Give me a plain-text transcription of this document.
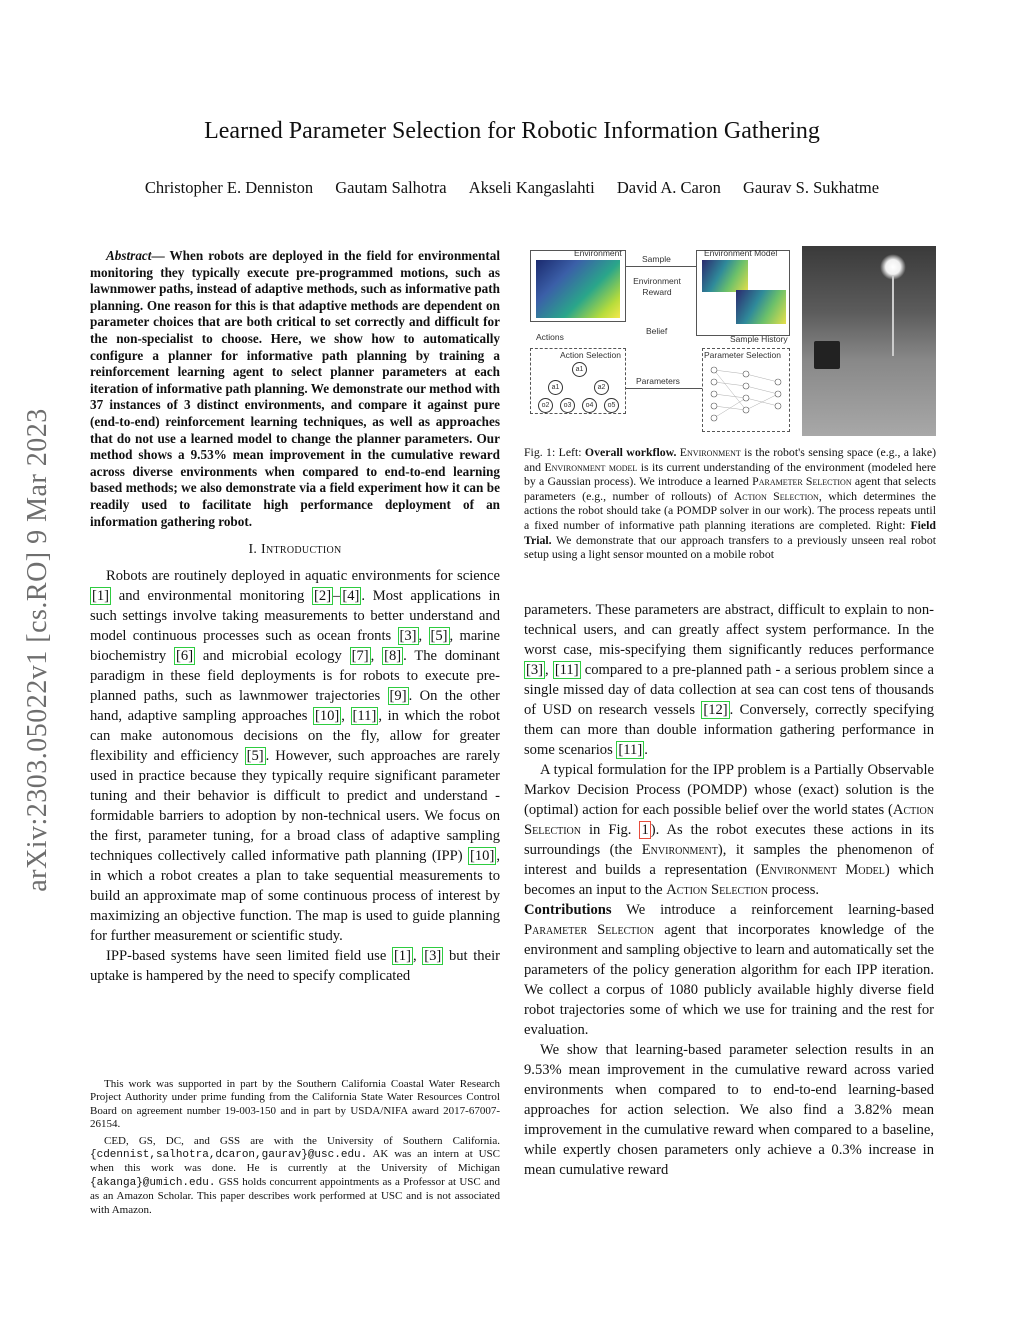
arXiv:2303.05022v1 [cs.RO] 9 Mar 2023
Learned Parameter Selection for Robotic Information Gathering
Christopher E. Denniston Gautam Salhotra Akseli Kangaslahti David A. Caron Gaurav S. Sukhatme

Abstract— When robots are deployed in the field for environmental monitoring they typically execute pre-programmed motions, such as lawnmower paths, instead of adaptive methods, such as informative path planning. One reason for this is that adaptive methods are dependent on parameter choices that are both critical to set correctly and difficult for the non-specialist to choose. Here, we show how to automatically configure a planner for informative path planning by training a reinforcement learning agent to select planner parameters at each iteration of informative path planning. We demonstrate our method with 37 instances of 3 distinct environments, and compare it against pure (end-to-end) reinforcement learning techniques, as well as approaches that do not use a learned model to change the planner parameters. Our method shows a 9.53% mean improvement in the cumulative reward across diverse environments when compared to end-to-end learning based methods; we also demonstrate via a field experiment how it can be readily used to facilitate high performance deployment of an information gathering robot.

I. Introduction

Robots are routinely deployed in aquatic environments for science [1] and environmental monitoring [2] – [4] . Most applications in such settings involve taking measurements to better understand and model continuous processes such as ocean fronts [3] , [5] , marine biochemistry [6] and microbial ecology [7] , [8] . The dominant paradigm in these field deployments is for robots to execute pre-planned paths, such as lawnmower trajectories [9] . On the other hand, adaptive sampling approaches [10] , [11] , in which the robot can make autonomous decisions on the fly, allow for greater flexibility and efficiency [5] . However, such approaches are rarely used in practice because they typically require significant parameter tuning and their behavior is difficult to predict and understand - formidable barriers to adoption by non-technical users. We focus on the first, parameter tuning, for a broad class of adaptive sampling techniques collectively called informative path planning (IPP) [10] , in which a robot creates a plan to take sequential measurements to build an approximate map of some continuous process of interest by maximizing an objective function. The map is used to guide planning for further measurement or scientific study.

IPP-based systems have seen limited field use [1] , [3] but their uptake is hampered by the need to specify complicated

This work was supported in part by the Southern California Coastal Water Research Project Authority under prime funding from the California State Water Resources Control Board on agreement number 19-003-150 and in part by USDA/NIFA award 2017-67007-26154.

CED, GS, DC, and GSS are with the University of Southern California. {cdennist,salhotra,dcaron,gaurav}@usc.edu. AK was an intern at USC when this work was done. He is currently at the University of Michigan {akanga}@umich.edu. GSS holds concurrent appointments as a Professor at USC and as an Amazon Scholar. This paper describes work performed at USC and is not associated with Amazon.

Environment
Sample
Environment Reward
Environment Model
Belief
Actions	Sample History
Action Selection
a1
a1	a2
o2	o3	o4	o5
Parameters
Parameter Selection
Fig. 1: Left: Overall workflow. Environment is the robot's sensing space (e.g., a lake) and Environment model is its current understanding of the environment (modeled here by a Gaussian process). We introduce a learned Parameter Selection agent that selects parameters (e.g., number of rollouts) of Action Selection, which determines the actions the robot should take (a POMDP solver in our work). The process repeats until a fixed number of informative path planning iterations are completed. Right: Field Trial. We demonstrate that our approach transfers to a previously unseen real robot setup using a light sensor mounted on a mobile robot

parameters. These parameters are abstract, difficult to explain to non-technical users, and can greatly affect system performance. In the worst case, mis-specifying them significantly reduces performance [3] , [11] compared to a pre-planned path - a serious problem since a single missed day of data collection at sea can cost tens of thousands of USD on research vessels [12] . Conversely, correctly specifying them can more than double information gathering performance in some scenarios [11] .

A typical formulation for the IPP problem is a Partially Observable Markov Decision Process (POMDP) whose (exact) solution is the (optimal) action for each possible belief over the world states (Action Selection in Fig. 1 ). As the robot executes these actions in its surroundings (the Environment), it samples the phenomenon of interest and builds a representation (Environment Model) which becomes an input to the Action Selection process.

Contributions We introduce a reinforcement learning-based Parameter Selection agent that incorporates knowledge of the environment and sampling objective to learn and automatically set the parameters of the policy generation algorithm for each IPP iteration. We collect a corpus of 1080 publicly available highly diverse field robot trajectories some of which we use for training and the rest for evaluation.

We show that learning-based parameter selection results in an 9.53% mean improvement in the cumulative reward across varied environments when compared to to end-to-end learning-based approaches for action selection. We also find a 3.82% mean improvement in the cumulative reward when compared to a baseline, while expertly chosen parameters only achieve a 0.3% increase in mean cumulative reward
